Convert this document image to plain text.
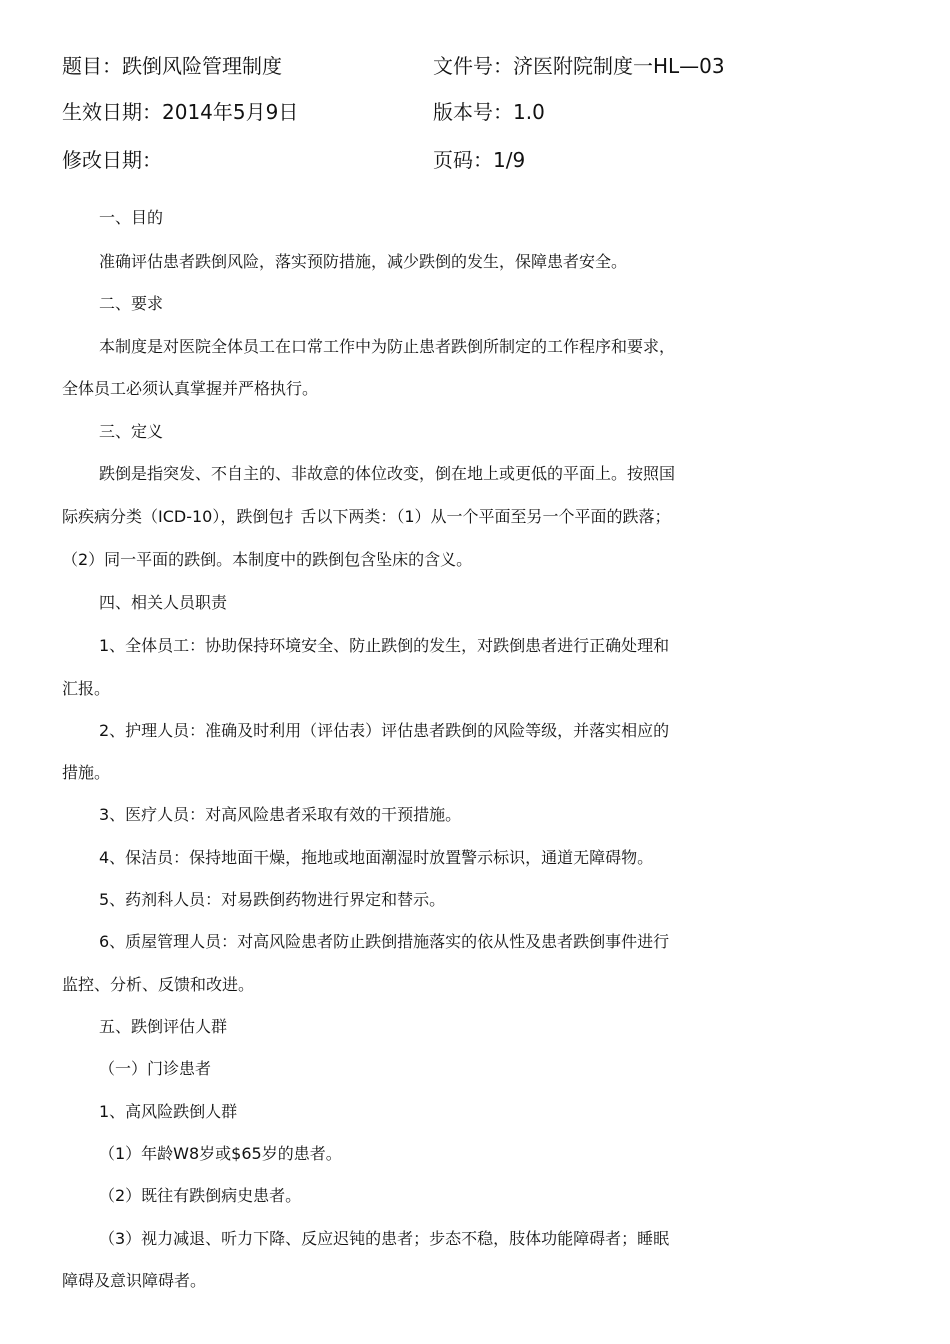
题目：跌倒风险管理制度	文件号：济医附院制度一HL—03
生效日期：2014年5月9日	版本号：1.0
修改日期：	页码：1/9
一、目的
准确评估患者跌倒风险，落实预防措施，减少跌倒的发生，保障患者安全。
二、要求
本制度是对医院全体员工在口常工作中为防止患者跌倒所制定的工作程序和要求，
全体员工必须认真掌握并严格执行。
三、定义
跌倒是指突发、不自主的、非故意的体位改变，倒在地上或更低的平面上。按照国
际疾病分类（ICD-10），跌倒包扌舌以下两类：（1）从一个平面至另一个平面的跌落；
（2）同一平面的跌倒。本制度中的跌倒包含坠床的含义。
四、相关人员职责
1、全体员工：协助保持环境安全、防止跌倒的发生，对跌倒患者进行正确处理和
汇报。
2、护理人员：准确及时利用（评估表）评估患者跌倒的风险等级，并落实相应的
措施。
3、医疗人员：对高风险患者采取有效的干预措施。
4、保洁员：保持地面干燥，拖地或地面潮湿时放置警示标识，通道无障碍物。
5、药剂科人员：对易跌倒药物进行界定和替示。
6、质屋管理人员：对高风险患者防止跌倒措施落实的依从性及患者跌倒事件进行
监控、分析、反馈和改进。
五、跌倒评估人群
（一）门诊患者
1、高风险跌倒人群
（1）年龄W8岁或$65岁的患者。
（2）既往有跌倒病史患者。
（3）视力减退、听力下降、反应迟钝的患者；步态不稳，肢体功能障碍者；睡眠
障碍及意识障碍者。
